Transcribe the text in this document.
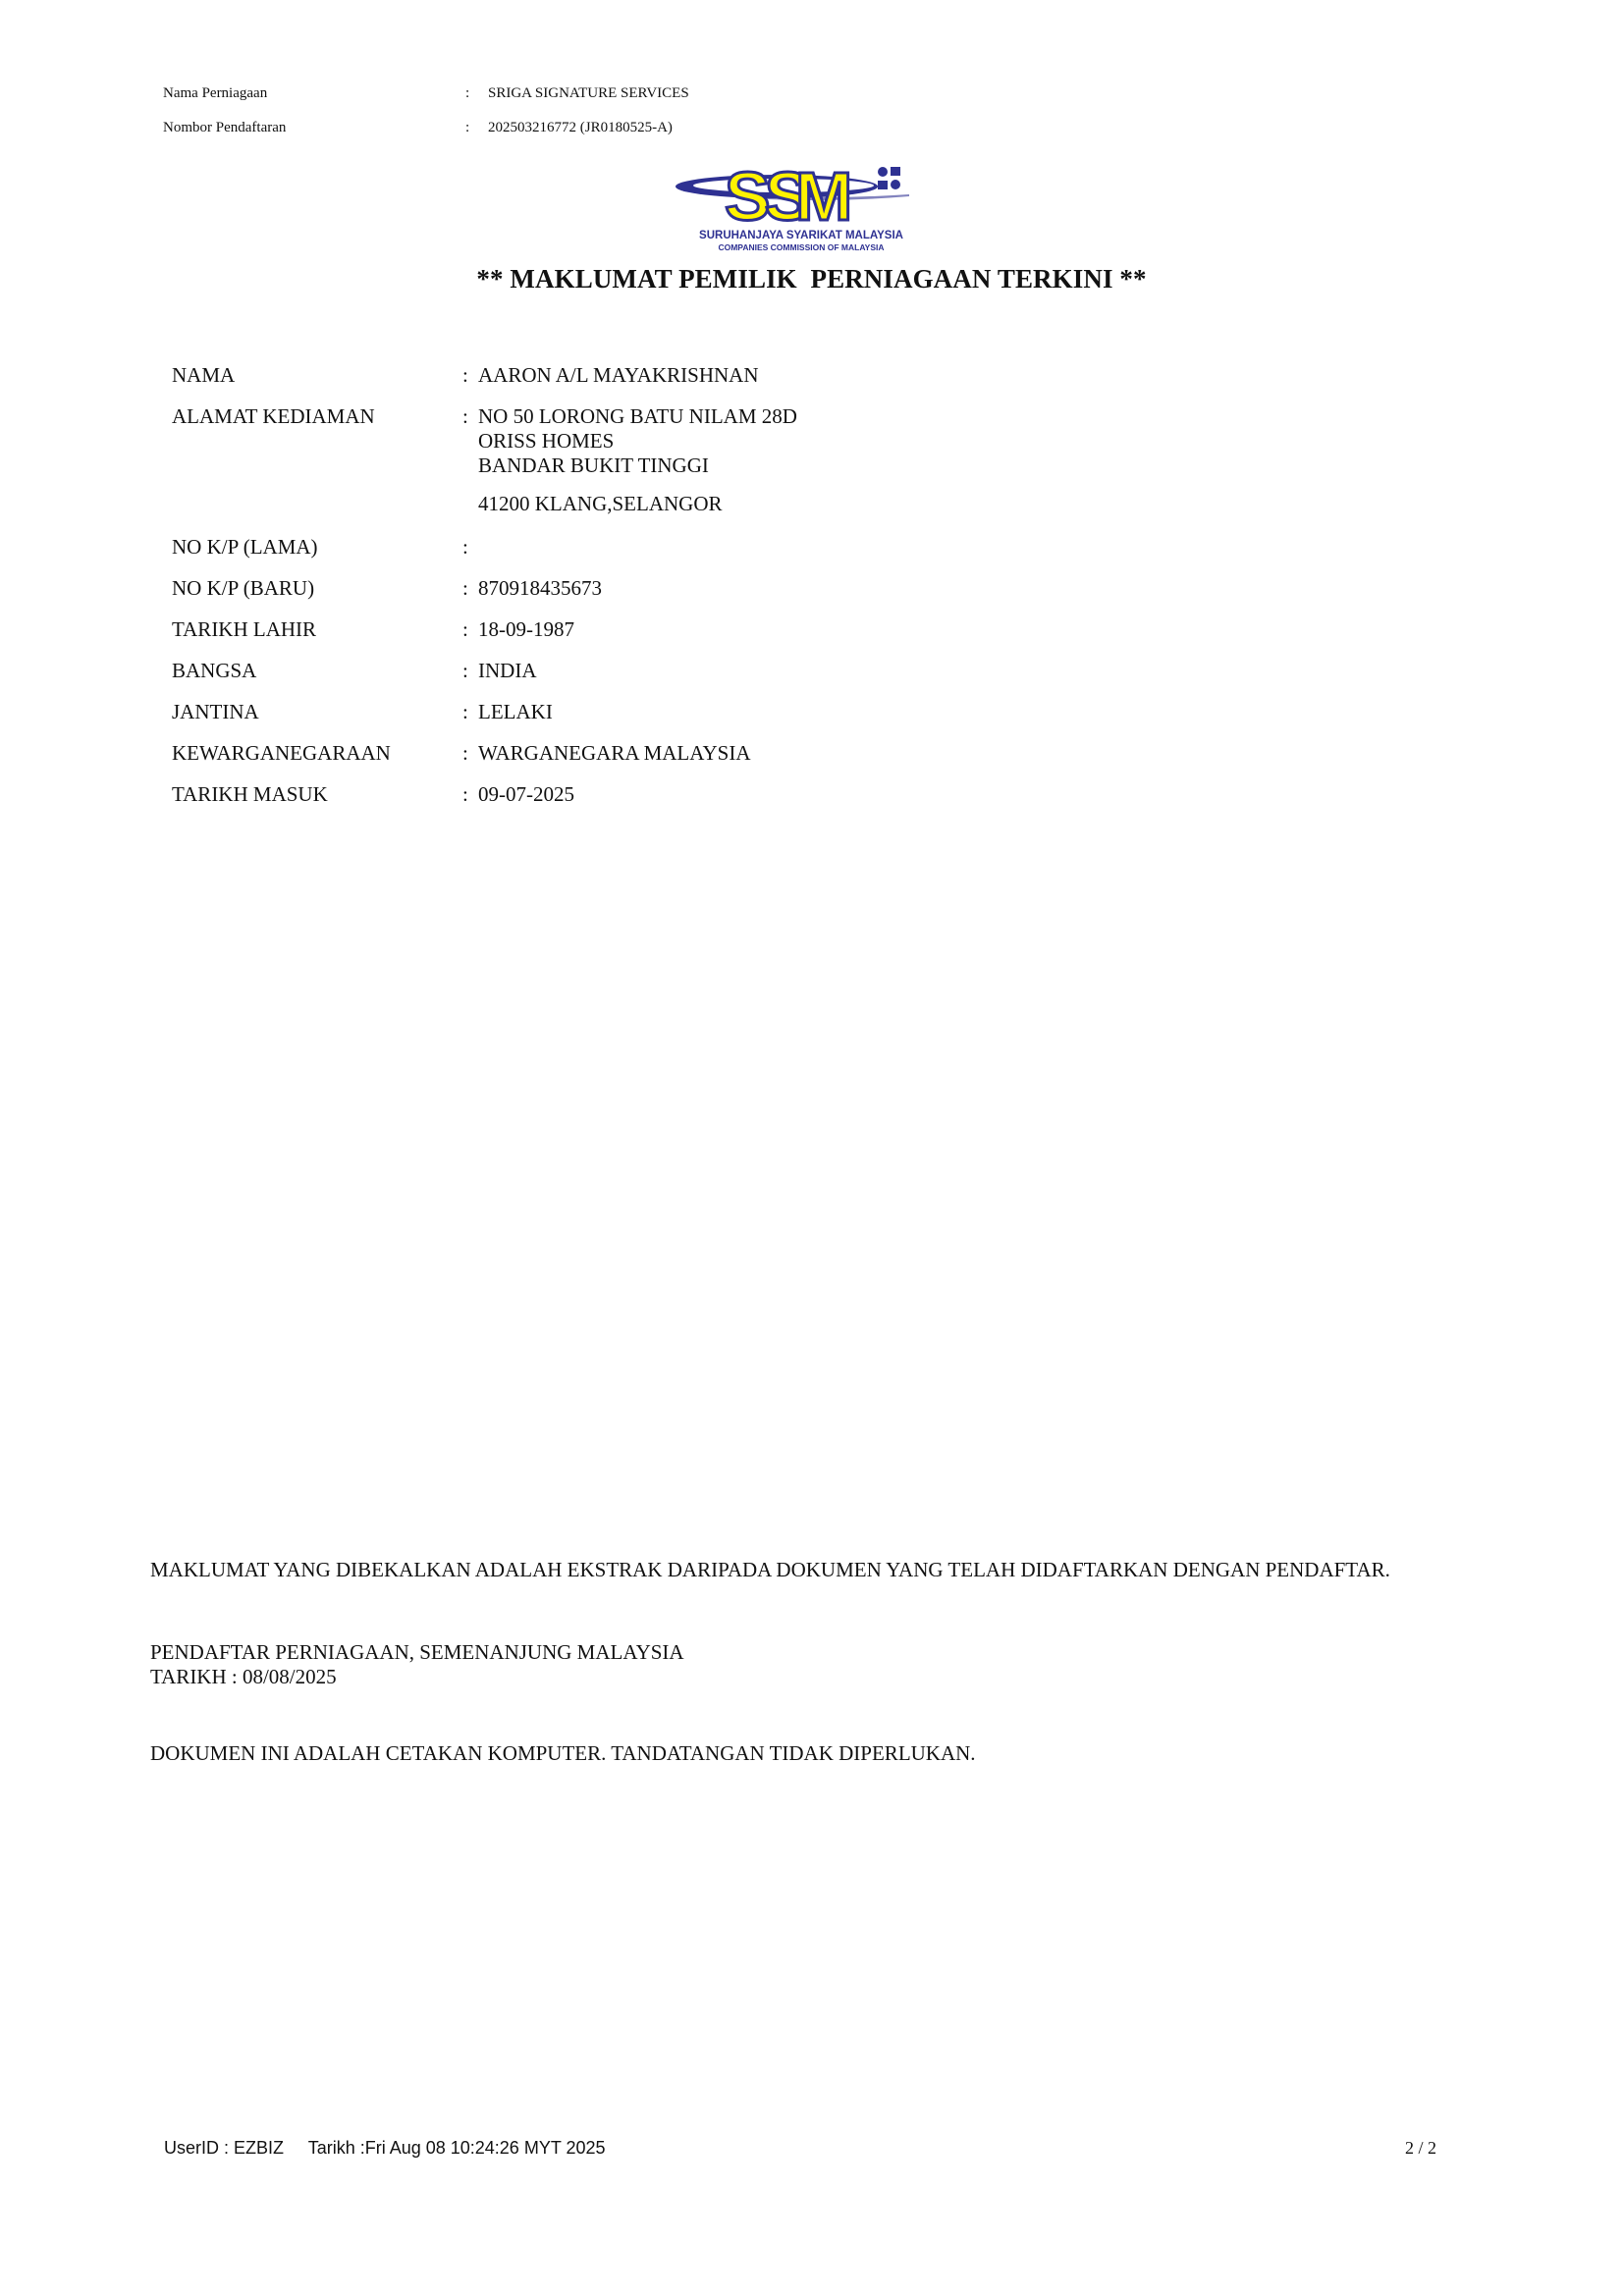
Nama Perniagaan	: SRIGA SIGNATURE SERVICES
Nombor Pendaftaran	: 202503216772 (JR0180525-A)
SS
M
SURUHANJAYA SYARIKAT MALAYSIA
COMPANIES COMMISSION OF MALAYSIA
** MAKLUMAT PEMILIK  PERNIAGAAN TERKINI **
NAMA	: AARON A/L MAYAKRISHNAN
ALAMAT KEDIAMAN	: NO 50 LORONG BATU NILAM 28D
ORISS HOMES
BANDAR BUKIT TINGGI
41200 KLANG,SELANGOR
NO K/P (LAMA)	:
NO K/P (BARU)	: 870918435673
TARIKH LAHIR	: 18-09-1987
BANGSA	: INDIA
JANTINA	: LELAKI
KEWARGANEGARAAN	: WARGANEGARA MALAYSIA
TARIKH MASUK	: 09-07-2025
MAKLUMAT YANG DIBEKALKAN ADALAH EKSTRAK DARIPADA DOKUMEN YANG TELAH DIDAFTARKAN DENGAN PENDAFTAR.
PENDAFTAR PERNIAGAAN, SEMENANJUNG MALAYSIA
TARIKH : 08/08/2025
DOKUMEN INI ADALAH CETAKAN KOMPUTER. TANDATANGAN TIDAK DIPERLUKAN.
UserID : EZBIZ     Tarikh :Fri Aug 08 10:24:26 MYT 2025	2 / 2
